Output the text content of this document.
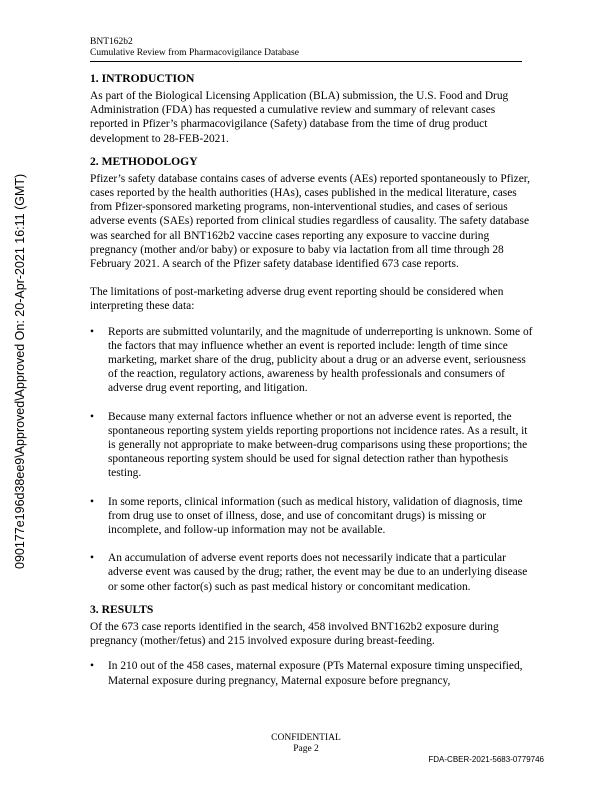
BNT162b2
Cumulative Review from Pharmacovigilance Database
090177e196d38ee9\Approved\Approved On: 20-Apr-2021 16:11 (GMT)
1. INTRODUCTION

As part of the Biological Licensing Application (BLA) submission, the U.S. Food and Drug Administration (FDA) has requested a cumulative review and summary of relevant cases reported in Pfizer’s pharmacovigilance (Safety) database from the time of drug product development to 28-FEB-2021.

2. METHODOLOGY

Pfizer’s safety database contains cases of adverse events (AEs) reported spontaneously to Pfizer, cases reported by the health authorities (HAs), cases published in the medical literature, cases from Pfizer-sponsored marketing programs, non-interventional studies, and cases of serious adverse events (SAEs) reported from clinical studies regardless of causality. The safety database was searched for all BNT162b2 vaccine cases reporting any exposure to vaccine during pregnancy (mother and/or baby) or exposure to baby via lactation from all time through 28 February 2021. A search of the Pfizer safety database identified 673 case reports.

The limitations of post-marketing adverse drug event reporting should be considered when interpreting these data:

• Reports are submitted voluntarily, and the magnitude of underreporting is unknown. Some of the factors that may influence whether an event is reported include: length of time since marketing, market share of the drug, publicity about a drug or an adverse event, seriousness of the reaction, regulatory actions, awareness by health professionals and consumers of adverse drug event reporting, and litigation.
• Because many external factors influence whether or not an adverse event is reported, the spontaneous reporting system yields reporting proportions not incidence rates. As a result, it is generally not appropriate to make between-drug comparisons using these proportions; the spontaneous reporting system should be used for signal detection rather than hypothesis testing.
• In some reports, clinical information (such as medical history, validation of diagnosis, time from drug use to onset of illness, dose, and use of concomitant drugs) is missing or incomplete, and follow-up information may not be available.
• An accumulation of adverse event reports does not necessarily indicate that a particular adverse event was caused by the drug; rather, the event may be due to an underlying disease or some other factor(s) such as past medical history or concomitant medication.
3. RESULTS

Of the 673 case reports identified in the search, 458 involved BNT162b2 exposure during pregnancy (mother/fetus) and 215 involved exposure during breast-feeding.

• In 210 out of the 458 cases, maternal exposure (PTs Maternal exposure timing unspecified, Maternal exposure during pregnancy, Maternal exposure before pregnancy,
CONFIDENTIAL
Page 2
FDA-CBER-2021-5683-0779746
